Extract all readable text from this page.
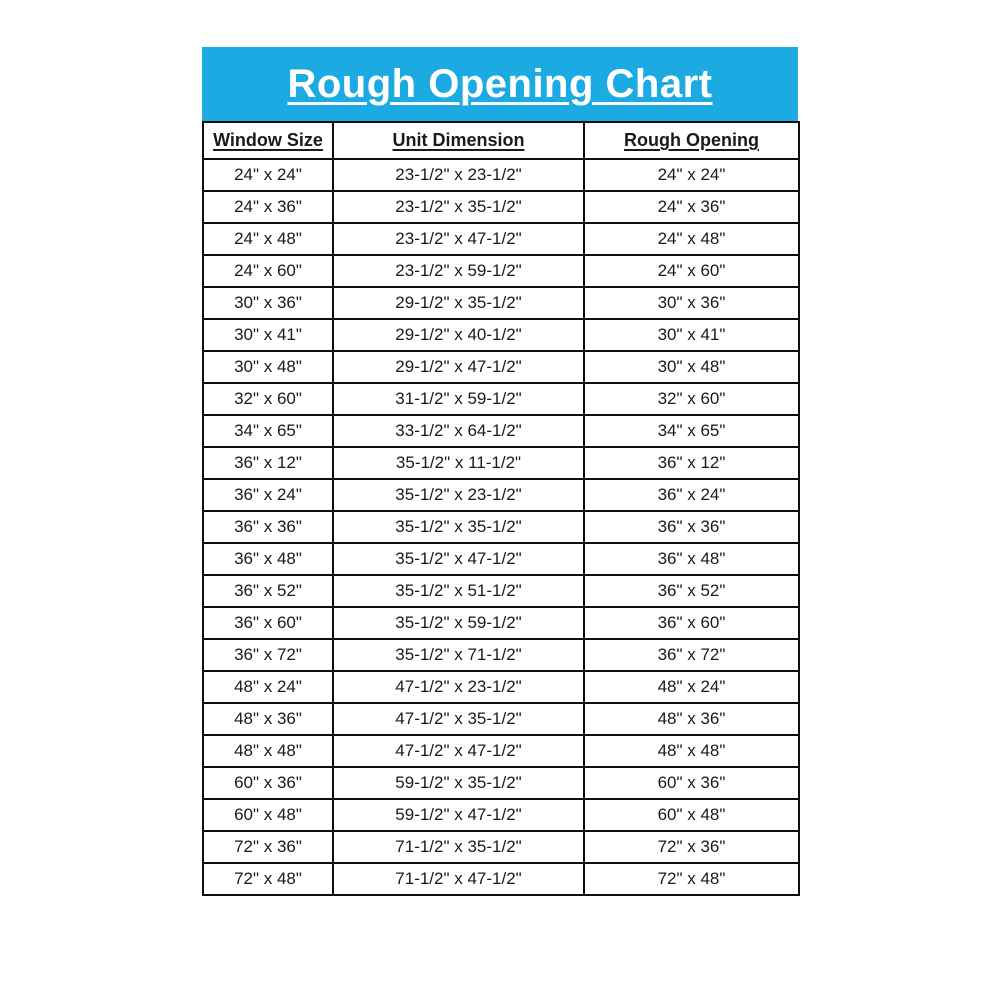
Rough Opening Chart
Window Size	Unit Dimension	Rough Opening
24" x 24"	23-1/2" x 23-1/2"	24" x 24"
24" x 36"	23-1/2" x 35-1/2"	24" x 36"
24" x 48"	23-1/2" x 47-1/2"	24" x 48"
24" x 60"	23-1/2" x 59-1/2"	24" x 60"
30" x 36"	29-1/2" x 35-1/2"	30" x 36"
30" x 41"	29-1/2" x 40-1/2"	30" x 41"
30" x 48"	29-1/2" x 47-1/2"	30" x 48"
32" x 60"	31-1/2" x 59-1/2"	32" x 60"
34" x 65"	33-1/2" x 64-1/2"	34" x 65"
36" x 12"	35-1/2" x 11-1/2"	36" x 12"
36" x 24"	35-1/2" x 23-1/2"	36" x 24"
36" x 36"	35-1/2" x 35-1/2"	36" x 36"
36" x 48"	35-1/2" x 47-1/2"	36" x 48"
36" x 52"	35-1/2" x 51-1/2"	36" x 52"
36" x 60"	35-1/2" x 59-1/2"	36" x 60"
36" x 72"	35-1/2" x 71-1/2"	36" x 72"
48" x 24"	47-1/2" x 23-1/2"	48" x 24"
48" x 36"	47-1/2" x 35-1/2"	48" x 36"
48" x 48"	47-1/2" x 47-1/2"	48" x 48"
60" x 36"	59-1/2" x 35-1/2"	60" x 36"
60" x 48"	59-1/2" x 47-1/2"	60" x 48"
72" x 36"	71-1/2" x 35-1/2"	72" x 36"
72" x 48"	71-1/2" x 47-1/2"	72" x 48"
